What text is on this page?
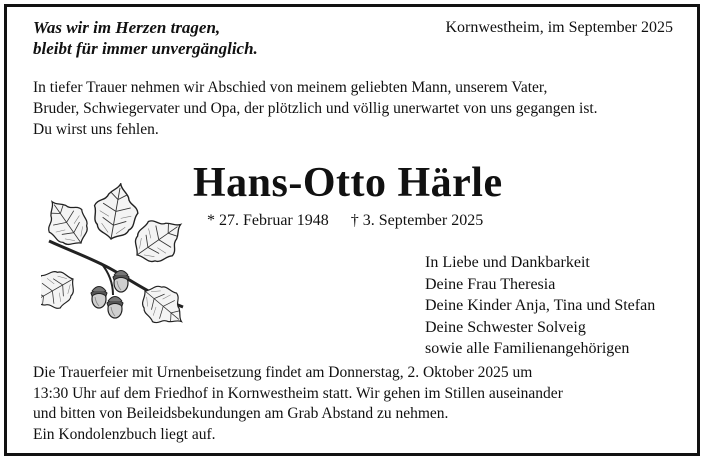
Was wir im Herzen tragen,
bleibt für immer unvergänglich.
Kornwestheim, im September 2025
In tiefer Trauer nehmen wir Abschied von meinem geliebten Mann, unserem Vater,
Bruder, Schwiegervater und Opa, der plötzlich und völlig unerwartet von uns gegangen ist.
Du wirst uns fehlen.
Hans-Otto Härle
* 27. Februar 1948 † 3. September 2025
In Liebe und Dankbarkeit
Deine Frau Theresia
Deine Kinder Anja, Tina und Stefan
Deine Schwester Solveig
sowie alle Familienangehörigen
Die Trauerfeier mit Urnenbeisetzung findet am Donnerstag, 2. Oktober 2025 um
13:30 Uhr auf dem Friedhof in Kornwestheim statt. Wir gehen im Stillen auseinander
und bitten von Beileidsbekundungen am Grab Abstand zu nehmen.
Ein Kondolenzbuch liegt auf.
